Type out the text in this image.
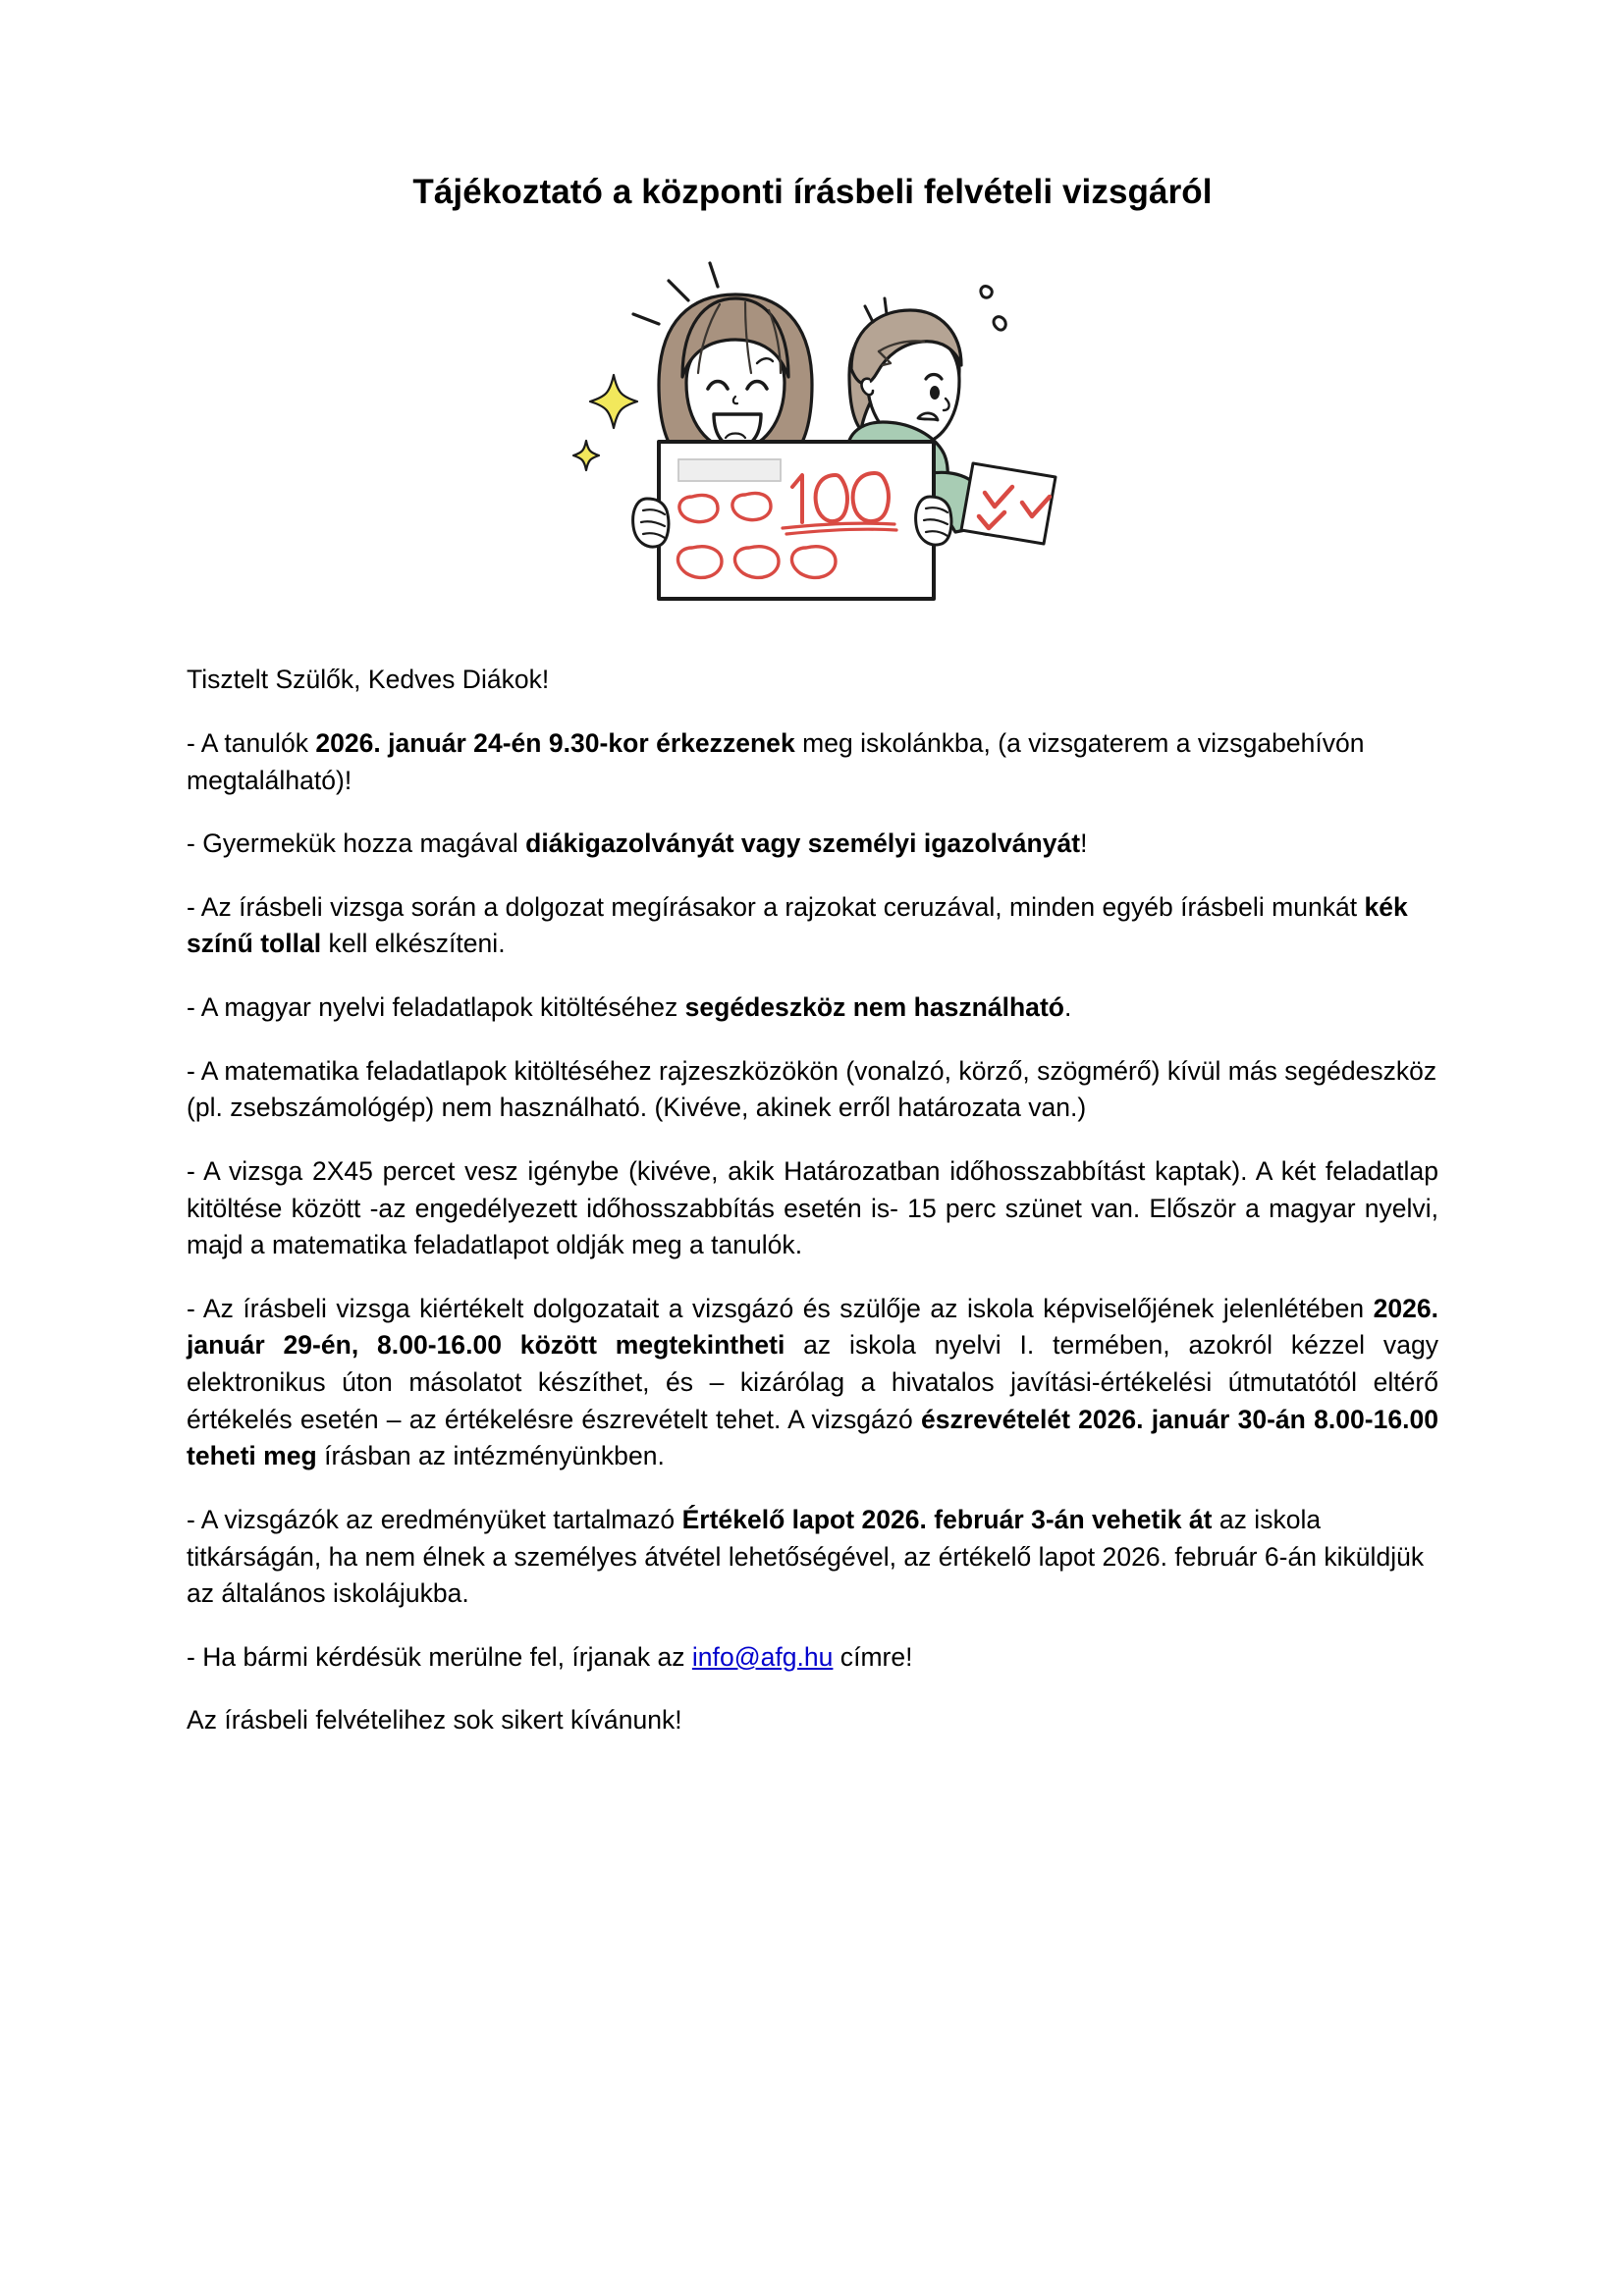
Tájékoztató a központi írásbeli felvételi vizsgáról

Tisztelt Szülők, Kedves Diákok!

- A tanulók 2026. január 24-én 9.30-kor érkezzenek meg iskolánkba, (a vizsgaterem a vizsgabehívón megtalálható)!

- Gyermekük hozza magával diákigazolványát vagy személyi igazolványát!

- Az írásbeli vizsga során a dolgozat megírásakor a rajzokat ceruzával, minden egyéb írásbeli munkát kék színű tollal kell elkészíteni.

- A magyar nyelvi feladatlapok kitöltéséhez segédeszköz nem használható.

- A matematika feladatlapok kitöltéséhez rajzeszközökön (vonalzó, körző, szögmérő) kívül más segédeszköz (pl. zsebszámológép) nem használható. (Kivéve, akinek erről határozata van.)

- A vizsga 2X45 percet vesz igénybe (kivéve, akik Határozatban időhosszabbítást kaptak). A két feladatlap kitöltése között -az engedélyezett időhosszabbítás esetén is- 15 perc szünet van. Először a magyar nyelvi, majd a matematika feladatlapot oldják meg a tanulók.

- Az írásbeli vizsga kiértékelt dolgozatait a vizsgázó és szülője az iskola képviselőjének jelenlétében 2026. január 29-én, 8.00-16.00 között megtekintheti az iskola nyelvi I. termében, azokról kézzel vagy elektronikus úton másolatot készíthet, és – kizárólag a hivatalos javítási-értékelési útmutatótól eltérő értékelés esetén – az értékelésre észrevételt tehet. A vizsgázó észrevételét 2026. január 30-án 8.00-16.00 teheti meg írásban az intézményünkben.

- A vizsgázók az eredményüket tartalmazó Értékelő lapot 2026. február 3-án vehetik át az iskola titkárságán, ha nem élnek a személyes átvétel lehetőségével, az értékelő lapot 2026. február 6-án kiküldjük az általános iskolájukba.

- Ha bármi kérdésük merülne fel, írjanak az info@afg.hu címre!

Az írásbeli felvételihez sok sikert kívánunk!
